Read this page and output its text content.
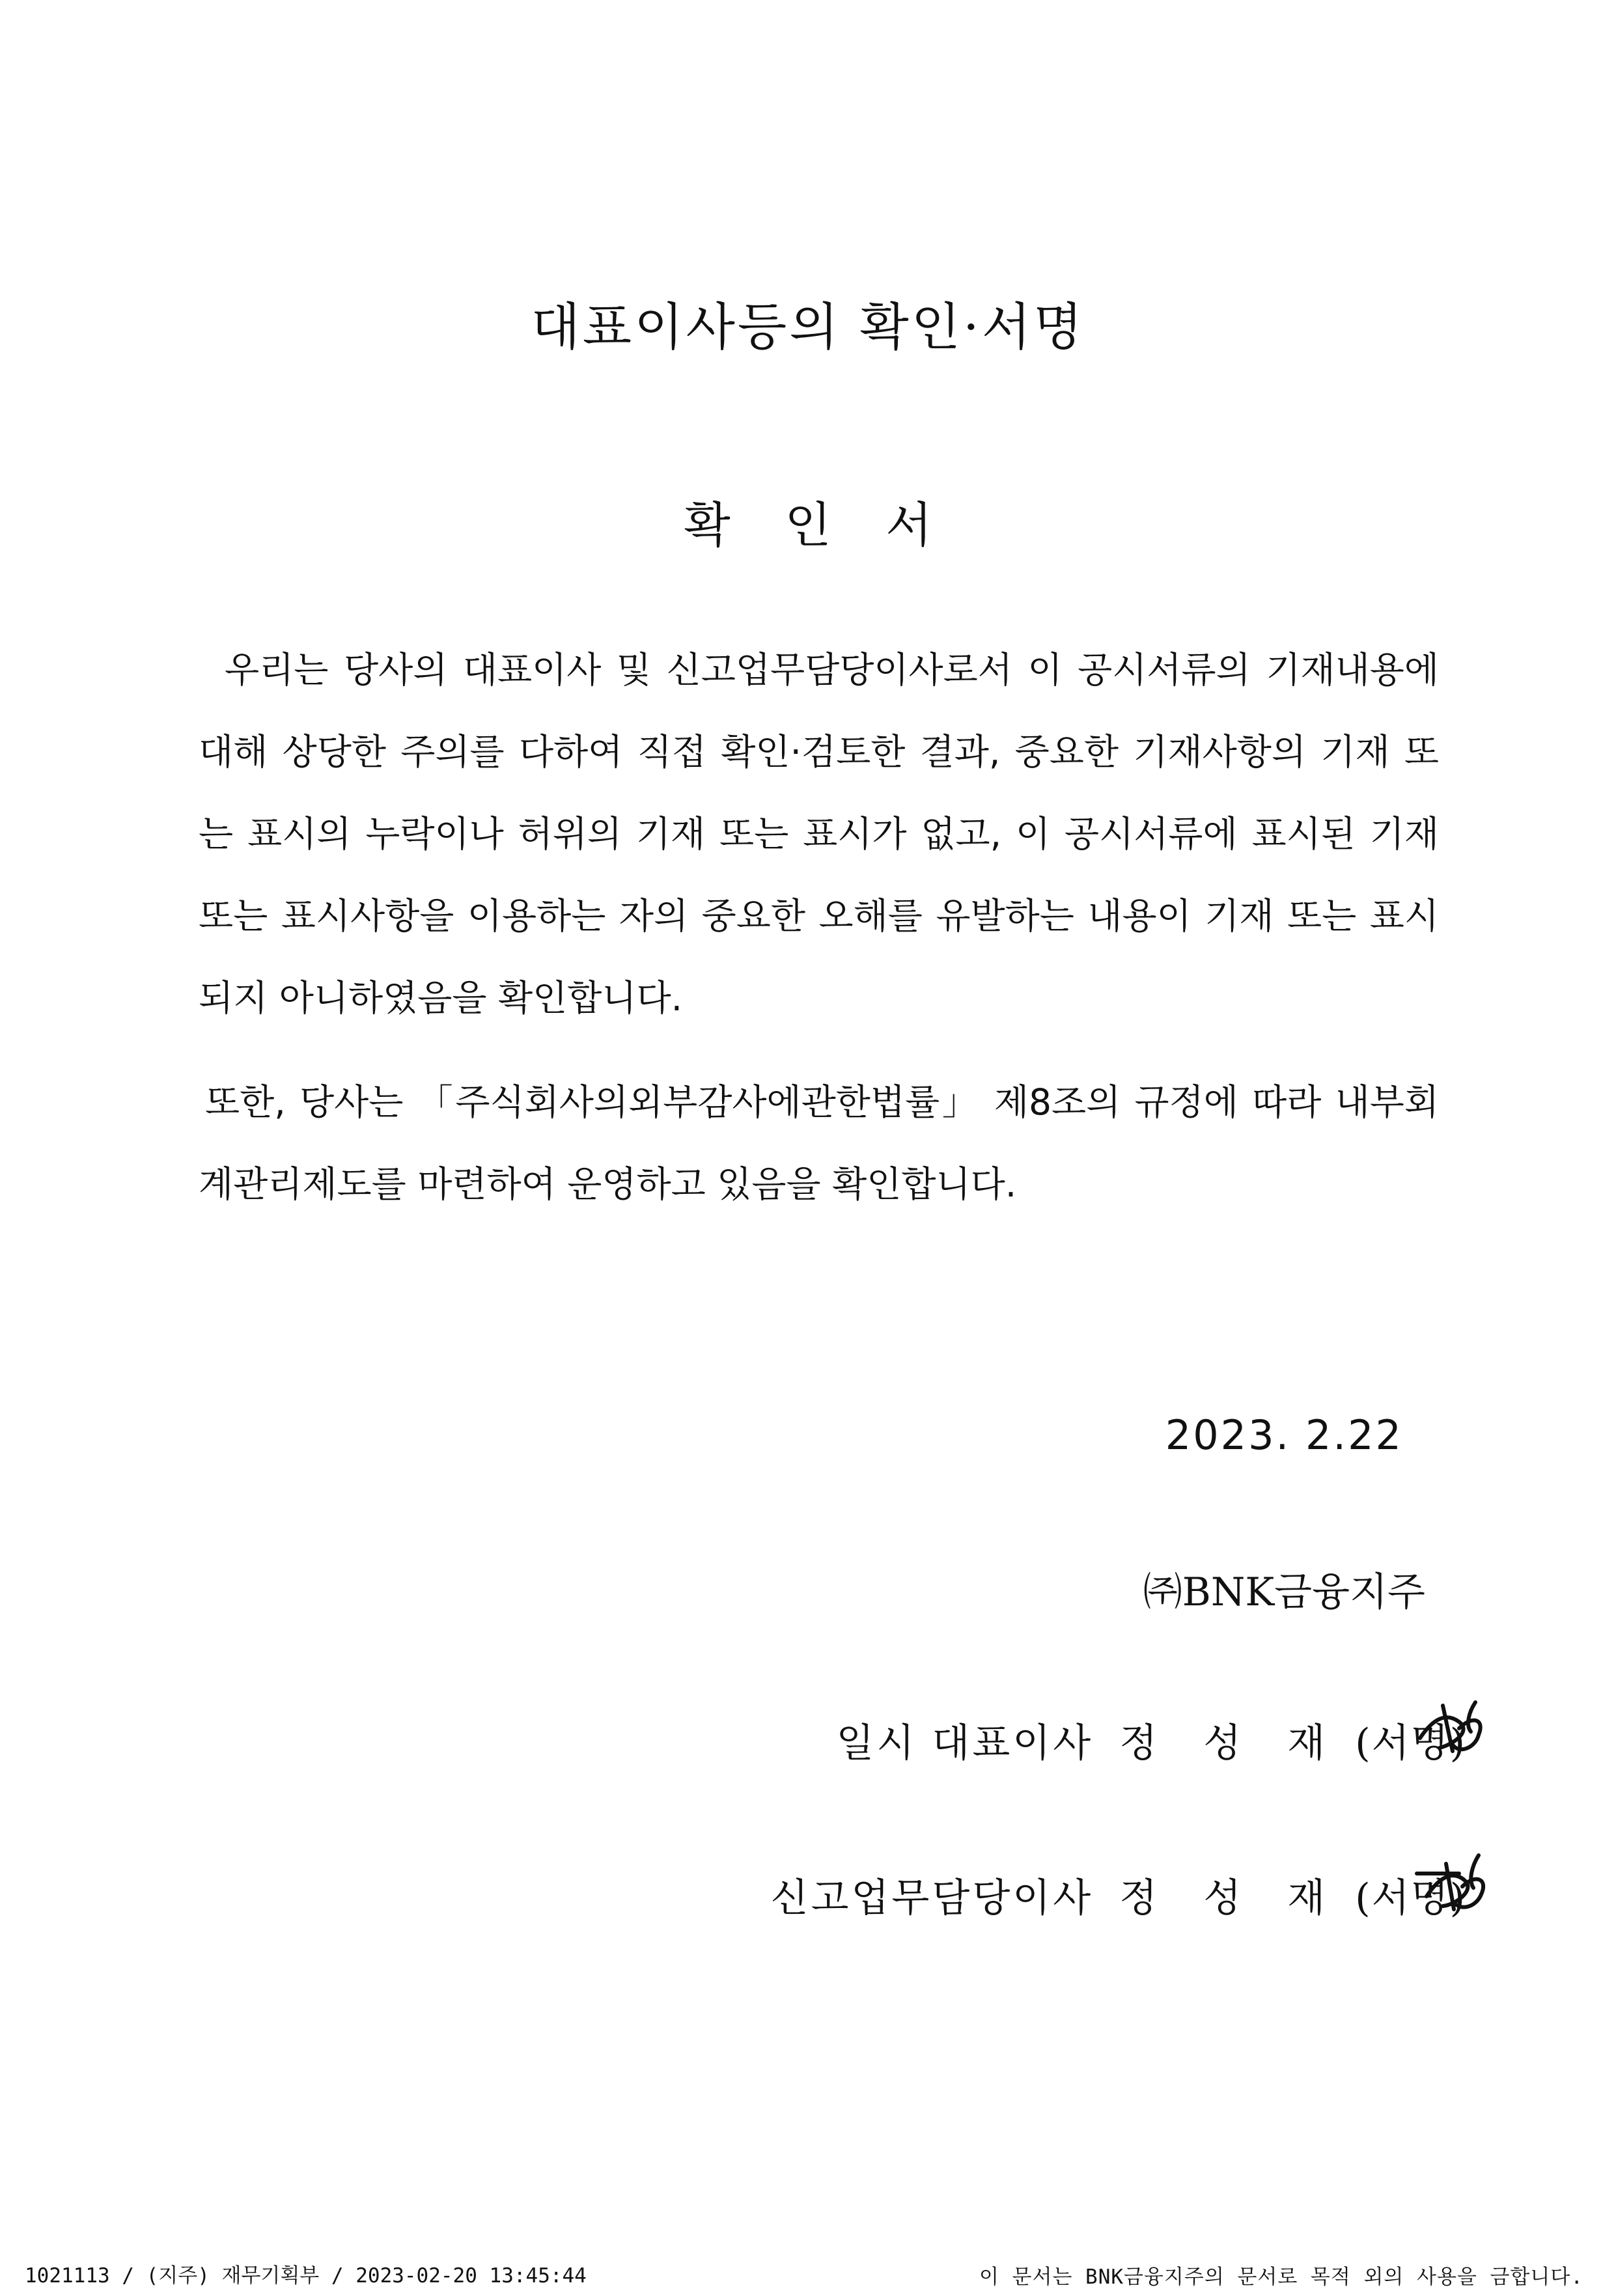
대표이사등의 확인·서명
확 인 서
우리는 당사의 대표이사 및 신고업무담당이사로서 이 공시서류의 기재내용에 대해 상당한 주의를 다하여 직접 확인·검토한 결과, 중요한 기재사항의 기재 또는 표시의 누락이나 허위의 기재 또는 표시가 없고, 이 공시서류에 표시된 기재 또는 표시사항을 이용하는 자의 중요한 오해를 유발하는 내용이 기재 또는 표시되지 아니하였음을 확인합니다.
또한, 당사는 「주식회사의외부감사에관한법률」 제8조의 규정에 따라 내부회계관리제도를 마련하여 운영하고 있음을 확인합니다.
2023. 2.22
㈜BNK금융지주
일시 대표이사 정 성 재 (서명)
신고업무담당이사 정 성 재 (서명)
1021113 / (지주) 재무기획부 / 2023-02-20 13:45:44	이 문서는 BNK금융지주의 문서로 목적 외의 사용을 금합니다.
